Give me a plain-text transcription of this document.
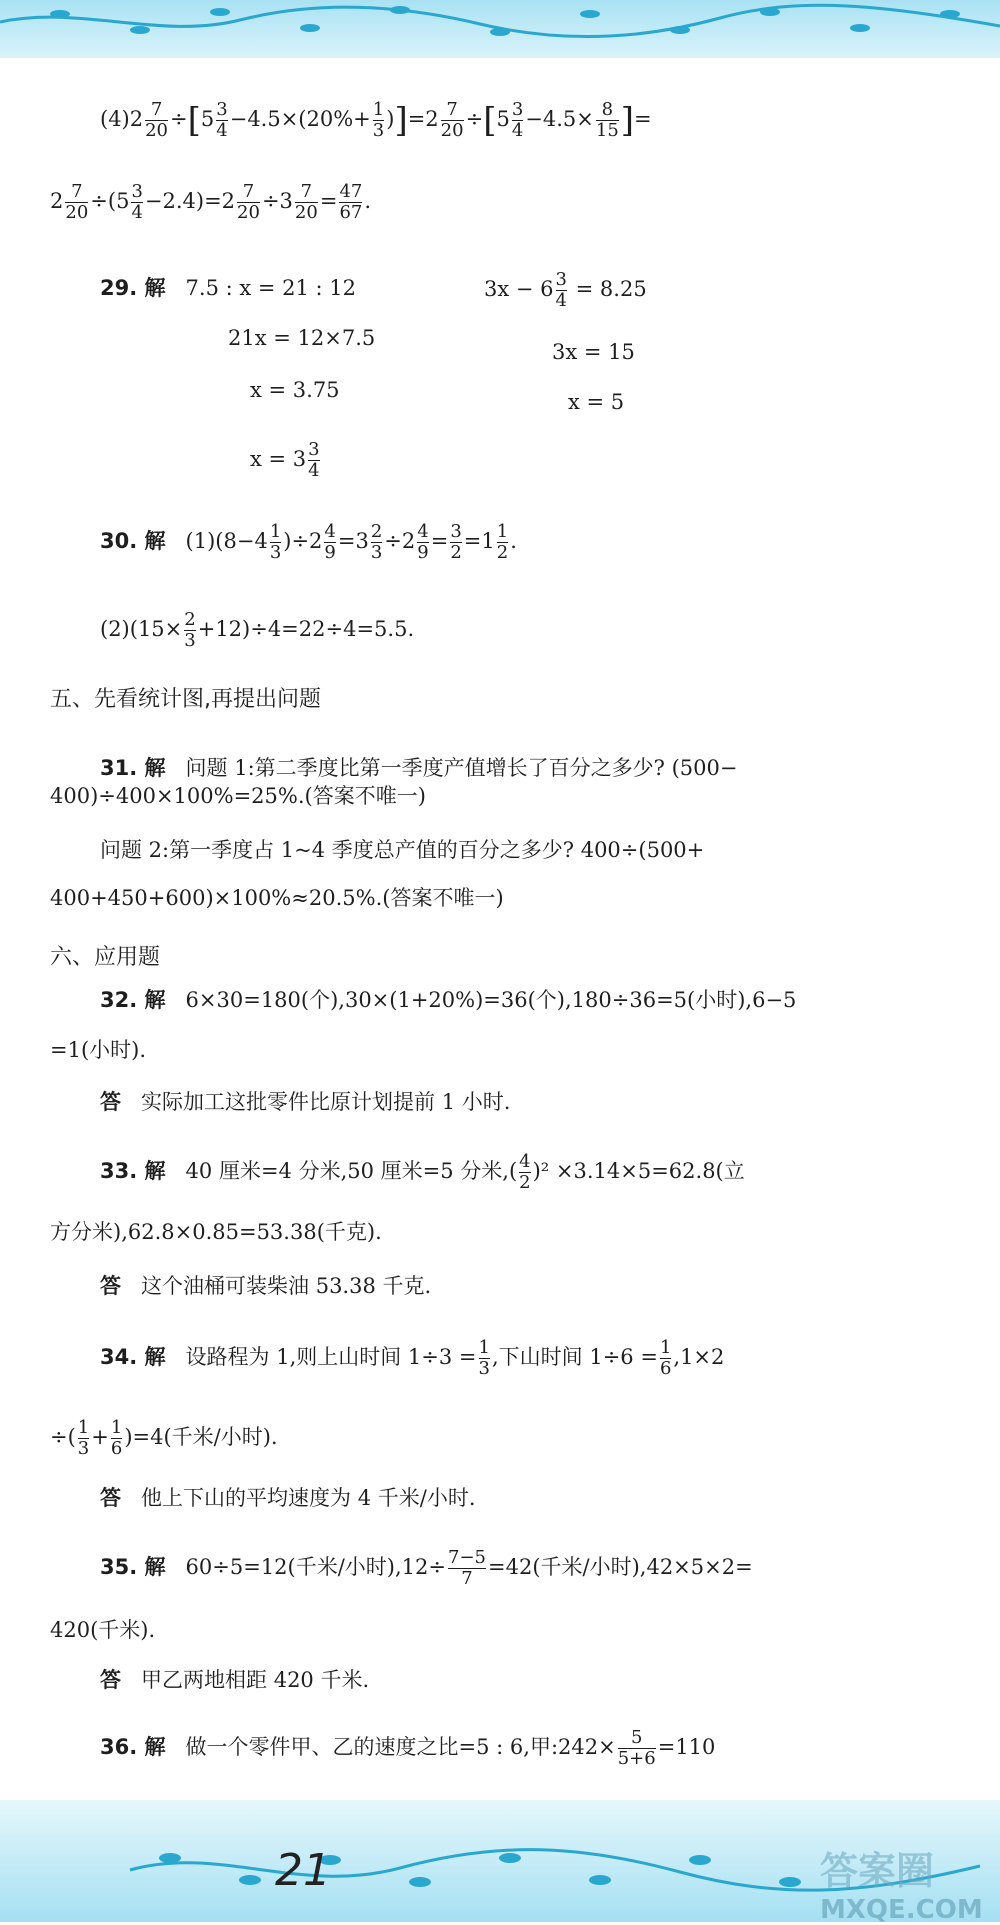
$(4)2 \frac{7}{20} \div[5 \frac{3}{4} -4.5\times(20\%+ \frac{1}{3} )]=2 \frac{7}{20} \div[5 \frac{3}{4} -4.5\times \frac{8}{15}$ ]=
$2 \frac{7}{20} \div(5 \frac{3}{4} -2.4)=2 \frac{7}{20} \div 3 \frac{7}{20} = \frac{47}{67}$ .
29. 解 7.5 : x = 21 : 12
21x = 12×7.5
x = 3.75
$x = 3 \frac{3}{4}$
$3x - 6 \frac{3}{4} = 8.25$
3x = 15
x = 5
30. 解 $(1)(8-4 \frac{1}{3} )\div 2 \frac{4}{9} =3 \frac{2}{3} \div 2 \frac{4}{9} = \frac{3}{2} =1 \frac{1}{2}$ .
$(2)(15\times \frac{2}{3} +12)\div 4=22\div 4=5.5$.
五、先看统计图,再提出问题
31. 解 问题 1:第二季度比第一季度产值增长了百分之多少? (500−
400)÷400×100%=25%.(答案不唯一)
问题 2:第一季度占 1~4 季度总产值的百分之多少? 400÷(500+
400+450+600)×100%≈20.5%.(答案不唯一)
六、应用题
32. 解 6×30=180(个),30×(1+20%)=36(个),180÷36=5(小时),6−5
=1(小时).
答 实际加工这批零件比原计划提前 1 小时.
33. 解 40 厘米=4 分米,50 厘米=5 分米,( $\frac{4}{2} )^2 \times 3.14\times 5=62.8$(立
方分米),62.8×0.85=53.38(千克).
答 这个油桶可装柴油 53.38 千克.
34. 解 设路程为 1,则上山时间 $1\div 3 = \frac{1}{3}$ ,下山时间 $1\div 6 = \frac{1}{6} ,1\times 2$
÷( $\frac{1}{3} + \frac{1}{6} )=4$(千米/小时).
答 他上下山的平均速度为 4 千米/小时.
35. 解 60÷5=12(千米/小时)$,12\div \frac{7-5}{7} =42$(千米/小时),42×5×2=
420(千米).
答 甲乙两地相距 420 千米.
36. 解 做一个零件甲、乙的速度之比=5 : 6,甲:242× $\frac{5}{5+6} =110$
21	答案圈
MXQE.COM
